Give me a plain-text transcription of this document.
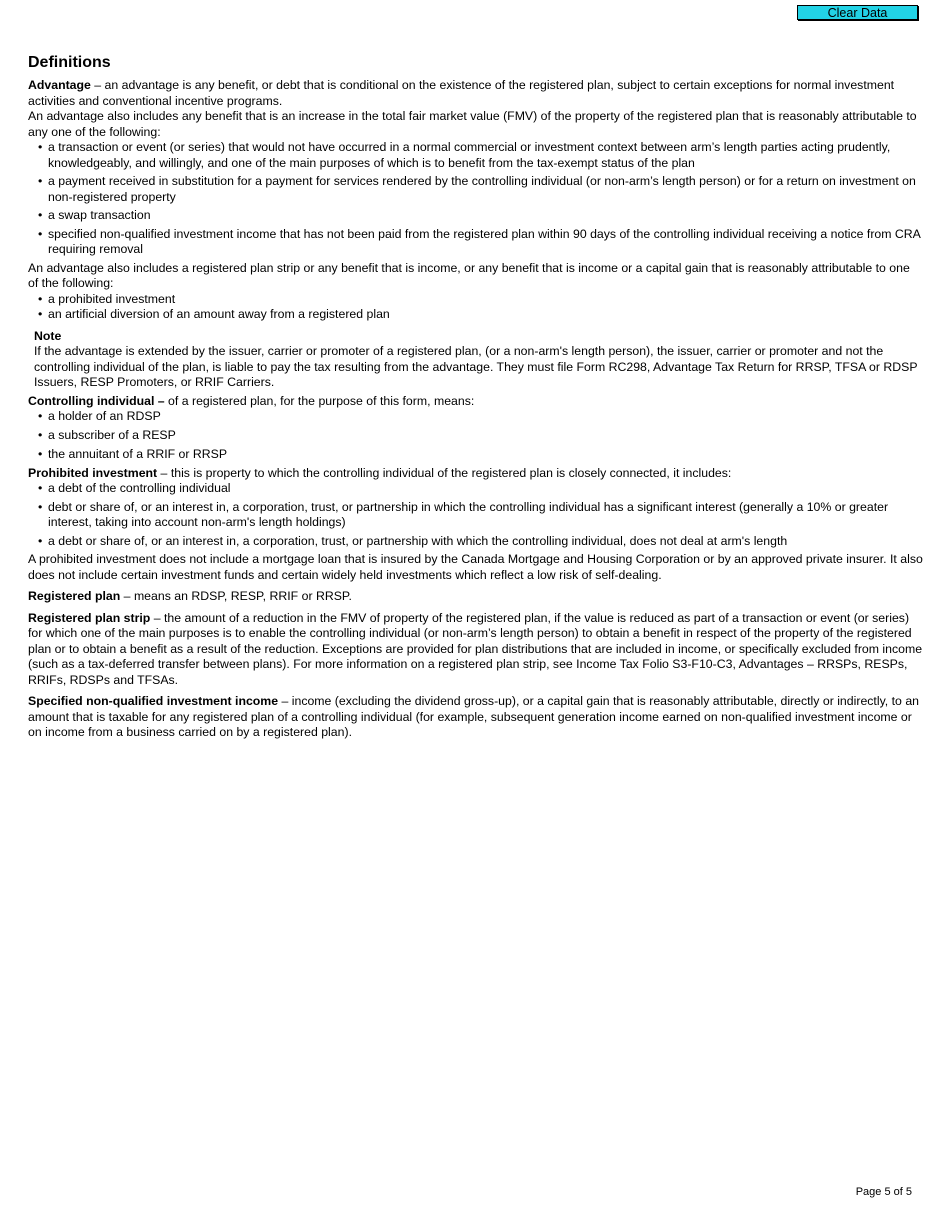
Clear Data
Definitions

Advantage – an advantage is any benefit, or debt that is conditional on the existence of the registered plan, subject to certain exceptions for normal investment activities and conventional incentive programs.

An advantage also includes any benefit that is an increase in the total fair market value (FMV) of the property of the registered plan that is reasonably attributable to any one of the following:

• a transaction or event (or series) that would not have occurred in a normal commercial or investment context between arm’s length parties acting prudently, knowledgeably, and willingly, and one of the main purposes of which is to benefit from the tax-exempt status of the plan
• a payment received in substitution for a payment for services rendered by the controlling individual (or non-arm’s length person) or for a return on investment on non-registered property
• a swap transaction
• specified non-qualified investment income that has not been paid from the registered plan within 90 days of the controlling individual receiving a notice from CRA requiring removal

An advantage also includes a registered plan strip or any benefit that is income, or any benefit that is income or a capital gain that is reasonably attributable to one of the following:

• a prohibited investment
• an artificial diversion of an amount away from a registered plan
Note

If the advantage is extended by the issuer, carrier or promoter of a registered plan, (or a non-arm's length person), the issuer, carrier or promoter and not the controlling individual of the plan, is liable to pay the tax resulting from the advantage. They must file Form RC298, Advantage Tax Return for RRSP, TFSA or RDSP Issuers, RESP Promoters, or RRIF Carriers.

Controlling individual – of a registered plan, for the purpose of this form, means:

• a holder of an RDSP
• a subscriber of a RESP
• the annuitant of a RRIF or RRSP

Prohibited investment – this is property to which the controlling individual of the registered plan is closely connected, it includes:

• a debt of the controlling individual
• debt or share of, or an interest in, a corporation, trust, or partnership in which the controlling individual has a significant interest (generally a 10% or greater interest, taking into account non-arm's length holdings)
• a debt or share of, or an interest in, a corporation, trust, or partnership with which the controlling individual, does not deal at arm's length

A prohibited investment does not include a mortgage loan that is insured by the Canada Mortgage and Housing Corporation or by an approved private insurer. It also does not include certain investment funds and certain widely held investments which reflect a low risk of self-dealing.

Registered plan – means an RDSP, RESP, RRIF or RRSP.

Registered plan strip – the amount of a reduction in the FMV of property of the registered plan, if the value is reduced as part of a transaction or event (or series) for which one of the main purposes is to enable the controlling individual (or non-arm’s length person) to obtain a benefit in respect of the property of the registered plan or to obtain a benefit as a result of the reduction. Exceptions are provided for plan distributions that are included in income, or specifically excluded from income (such as a tax-deferred transfer between plans). For more information on a registered plan strip, see Income Tax Folio S3-F10-C3, Advantages – RRSPs, RESPs, RRIFs, RDSPs and TFSAs.

Specified non-qualified investment income – income (excluding the dividend gross-up), or a capital gain that is reasonably attributable, directly or indirectly, to an amount that is taxable for any registered plan of a controlling individual (for example, subsequent generation income earned on non-qualified investment income or on income from a business carried on by a registered plan).

Page 5 of 5
